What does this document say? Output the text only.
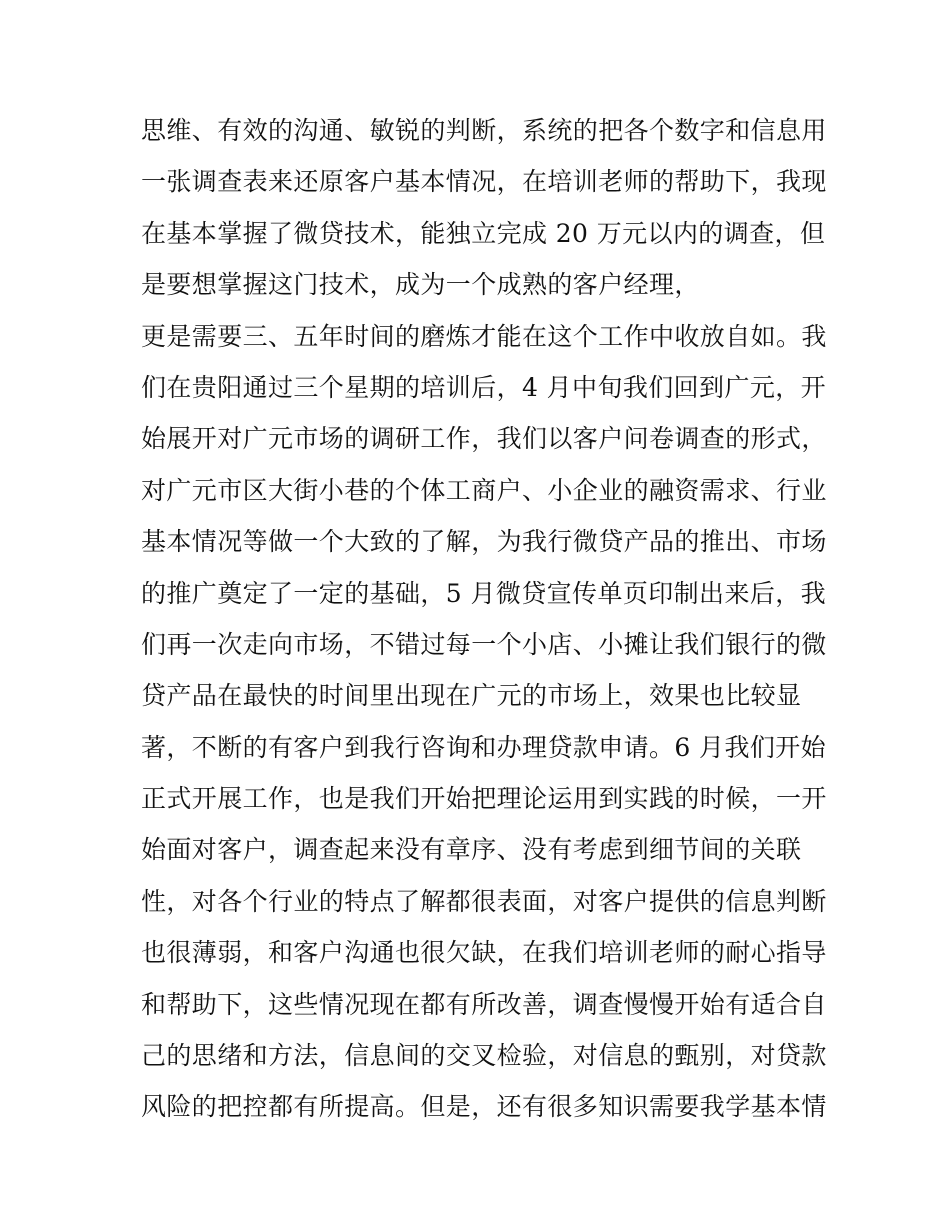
思维、有效的沟通、敏锐的判断，系统的把各个数字和信息用
一张调查表来还原客户基本情况，在培训老师的帮助下，我现
在基本掌握了微贷技术，能独立完成 20 万元以内的调查，但
是要想掌握这门技术，成为一个成熟的客户经理，
更是需要三、五年时间的磨炼才能在这个工作中收放自如。我
们在贵阳通过三个星期的培训后，4 月中旬我们回到广元，开
始展开对广元市场的调研工作，我们以客户问卷调查的形式，
对广元市区大街小巷的个体工商户、小企业的融资需求、行业
基本情况等做一个大致的了解，为我行微贷产品的推出、市场
的推广奠定了一定的基础，5 月微贷宣传单页印制出来后，我
们再一次走向市场，不错过每一个小店、小摊让我们银行的微
贷产品在最快的时间里出现在广元的市场上，效果也比较显
著，不断的有客户到我行咨询和办理贷款申请。6 月我们开始
正式开展工作，也是我们开始把理论运用到实践的时候，一开
始面对客户，调查起来没有章序、没有考虑到细节间的关联
性，对各个行业的特点了解都很表面，对客户提供的信息判断
也很薄弱，和客户沟通也很欠缺，在我们培训老师的耐心指导
和帮助下，这些情况现在都有所改善，调查慢慢开始有适合自
己的思绪和方法，信息间的交叉检验，对信息的甄别，对贷款
风险的把控都有所提高。但是，还有很多知识需要我学基本情
